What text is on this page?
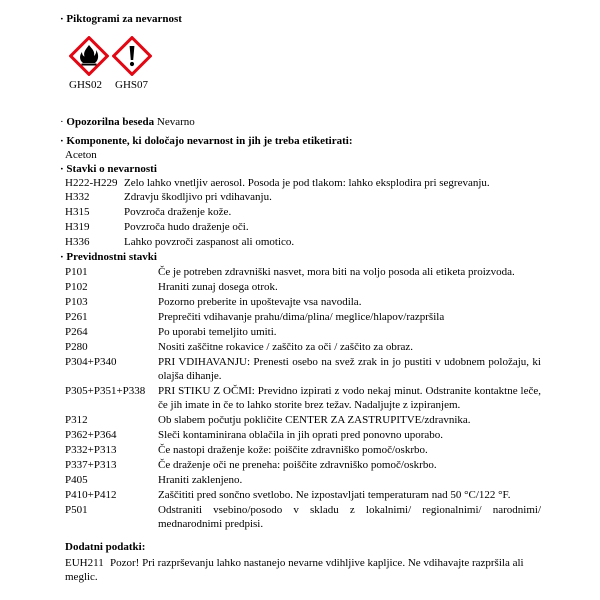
· Piktogrami za nevarnost
GHS02 GHS07
· Opozorilna beseda Nevarno
· Komponente, ki določajo nevarnost in jih je treba etiketirati:
Aceton
· Stavki o nevarnosti
H222-H229 Zelo lahko vnetljiv aerosol. Posoda je pod tlakom: lahko eksplodira pri segrevanju.
H332	Zdravju škodljivo pri vdihavanju.
H315	Povzroča draženje kože.
H319	Povzroča hudo draženje oči.
H336	Lahko povzroči zaspanost ali omotico.
· Previdnostni stavki
P101	Če je potreben zdravniški nasvet, mora biti na voljo posoda ali etiketa proizvoda.
P102	Hraniti zunaj dosega otrok.
P103	Pozorno preberite in upoštevajte vsa navodila.
P261	Preprečiti vdihavanje prahu/dima/plina/ meglice/hlapov/razpršila
P264	Po uporabi temeljito umiti.
P280	Nositi zaščitne rokavice / zaščito za oči / zaščito za obraz.
P304+P340	PRI VDIHAVANJU: Prenesti osebo na svež zrak in jo pustiti v udobnem položaju, ki olajša dihanje.
P305+P351+P338 PRI STIKU Z OČMI: Previdno izpirati z vodo nekaj minut. Odstranite kontaktne leče, če jih imate in če to lahko storite brez težav. Nadaljujte z izpiranjem.
P312	Ob slabem počutju pokličite CENTER ZA ZASTRUPITVE/zdravnika.
P362+P364	Sleči kontaminirana oblačila in jih oprati pred ponovno uporabo.
P332+P313	Če nastopi draženje kože: poiščite zdravniško pomoč/oskrbo.
P337+P313	Če draženje oči ne preneha: poiščite zdravniško pomoč/oskrbo.
P405	Hraniti zaklenjeno.
P410+P412	Zaščititi pred sončno svetlobo. Ne izpostavljati temperaturam nad 50 °C/122 °F.
P501	Odstraniti vsebino/posodo v skladu z lokalnimi/ regionalnimi/ narodnimi/ mednarodnimi predpisi.
Dodatni podatki:
EUH211 Pozor! Pri razprševanju lahko nastanejo nevarne vdihljive kapljice. Ne vdihavajte razpršila ali meglic.
